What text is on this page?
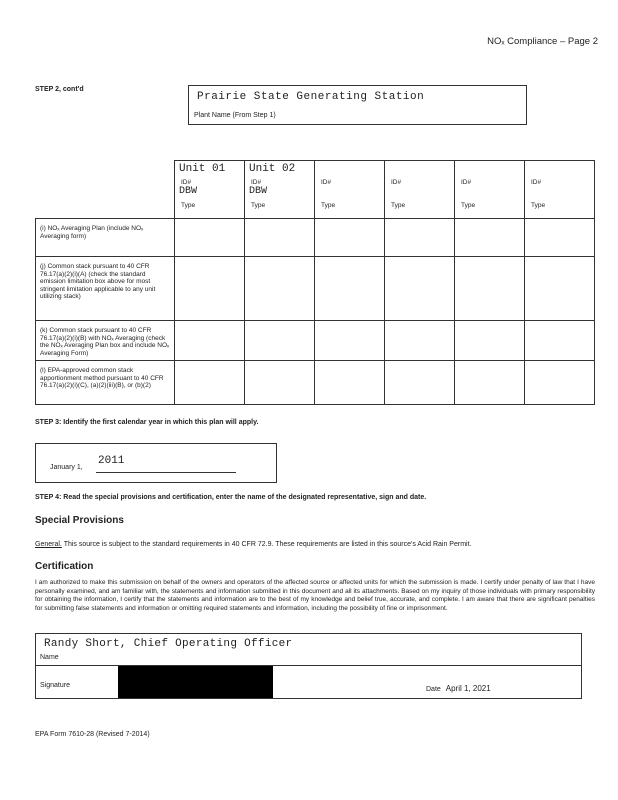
NOₓ Compliance – Page 2
STEP 2, cont'd
Prairie State Generating Station
Plant Name (From Step 1)

	Unit 01
ID#
DBW
Type	Unit 02
ID#
DBW
Type	ID#
Type	ID#
Type	ID#
Type	ID#
Type

(i) NOₓ Averaging Plan (include NOₓ Averaging form)						
(j) Common stack pursuant to 40 CFR 76.17(a)(2)(i)(A) (check the standard emission limitation box above for most stringent limitation applicable to any unit utilizing stack)						
(k) Common stack pursuant to 40 CFR 76.17(a)(2)(i)(B) with NOₓ Averaging (check the NOₓ Averaging Plan box and include NOₓ Averaging Form)						
(l) EPA-approved common stack apportionment method pursuant to 40 CFR 76.17(a)(2)(i)(C), (a)(2)(iii)(B), or (b)(2)						
STEP 3: Identify the first calendar year in which this plan will apply.
January 1,
2011
STEP 4: Read the special provisions and certification, enter the name of the designated representative, sign and date.
Special Provisions
General. This source is subject to the standard requirements in 40 CFR 72.9. These requirements are listed in this source's Acid Rain Permit.
Certification
I am authorized to make this submission on behalf of the owners and operators of the affected source or affected units for which the submission is made. I certify under penalty of law that I have personally examined, and am familiar with, the statements and information submitted in this document and all its attachments. Based on my inquiry of those individuals with primary responsibility for obtaining the information, I certify that the statements and information are to the best of my knowledge and belief true, accurate, and complete. I am aware that there are significant penalties for submitting false statements and information or omitting required statements and information, including the possibility of fine or imprisonment.
Randy Short, Chief Operating Officer
Name
Signature
Date April 1, 2021
EPA Form 7610-28 (Revised 7-2014)
